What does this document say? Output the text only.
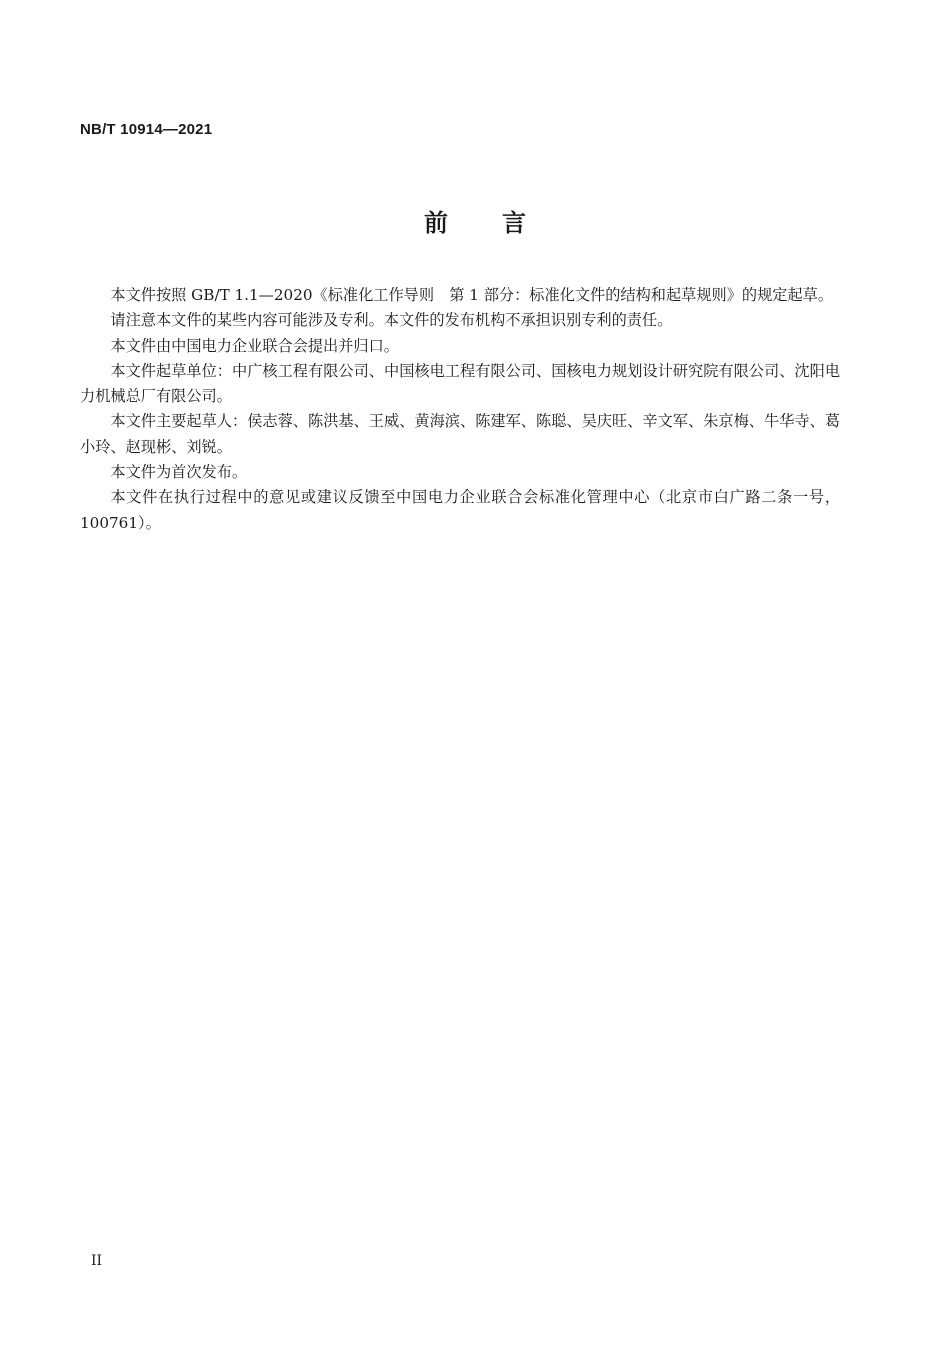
NB/T 10914—2021
前言

本文件按照 GB/T 1.1—2020《标准化工作导则　第 1 部分：标准化文件的结构和起草规则》的规定起草。

请注意本文件的某些内容可能涉及专利。本文件的发布机构不承担识别专利的责任。

本文件由中国电力企业联合会提出并归口。

本文件起草单位：中广核工程有限公司、中国核电工程有限公司、国核电力规划设计研究院有限公司、沈阳电力机械总厂有限公司。

本文件主要起草人：侯志蓉、陈洪基、王威、黄海滨、陈建军、陈聪、吴庆旺、辛文军、朱京梅、牛华寺、葛小玲、赵现彬、刘锐。

本文件为首次发布。

本文件在执行过程中的意见或建议反馈至中国电力企业联合会标准化管理中心（北京市白广路二条一号，100761）。

II
